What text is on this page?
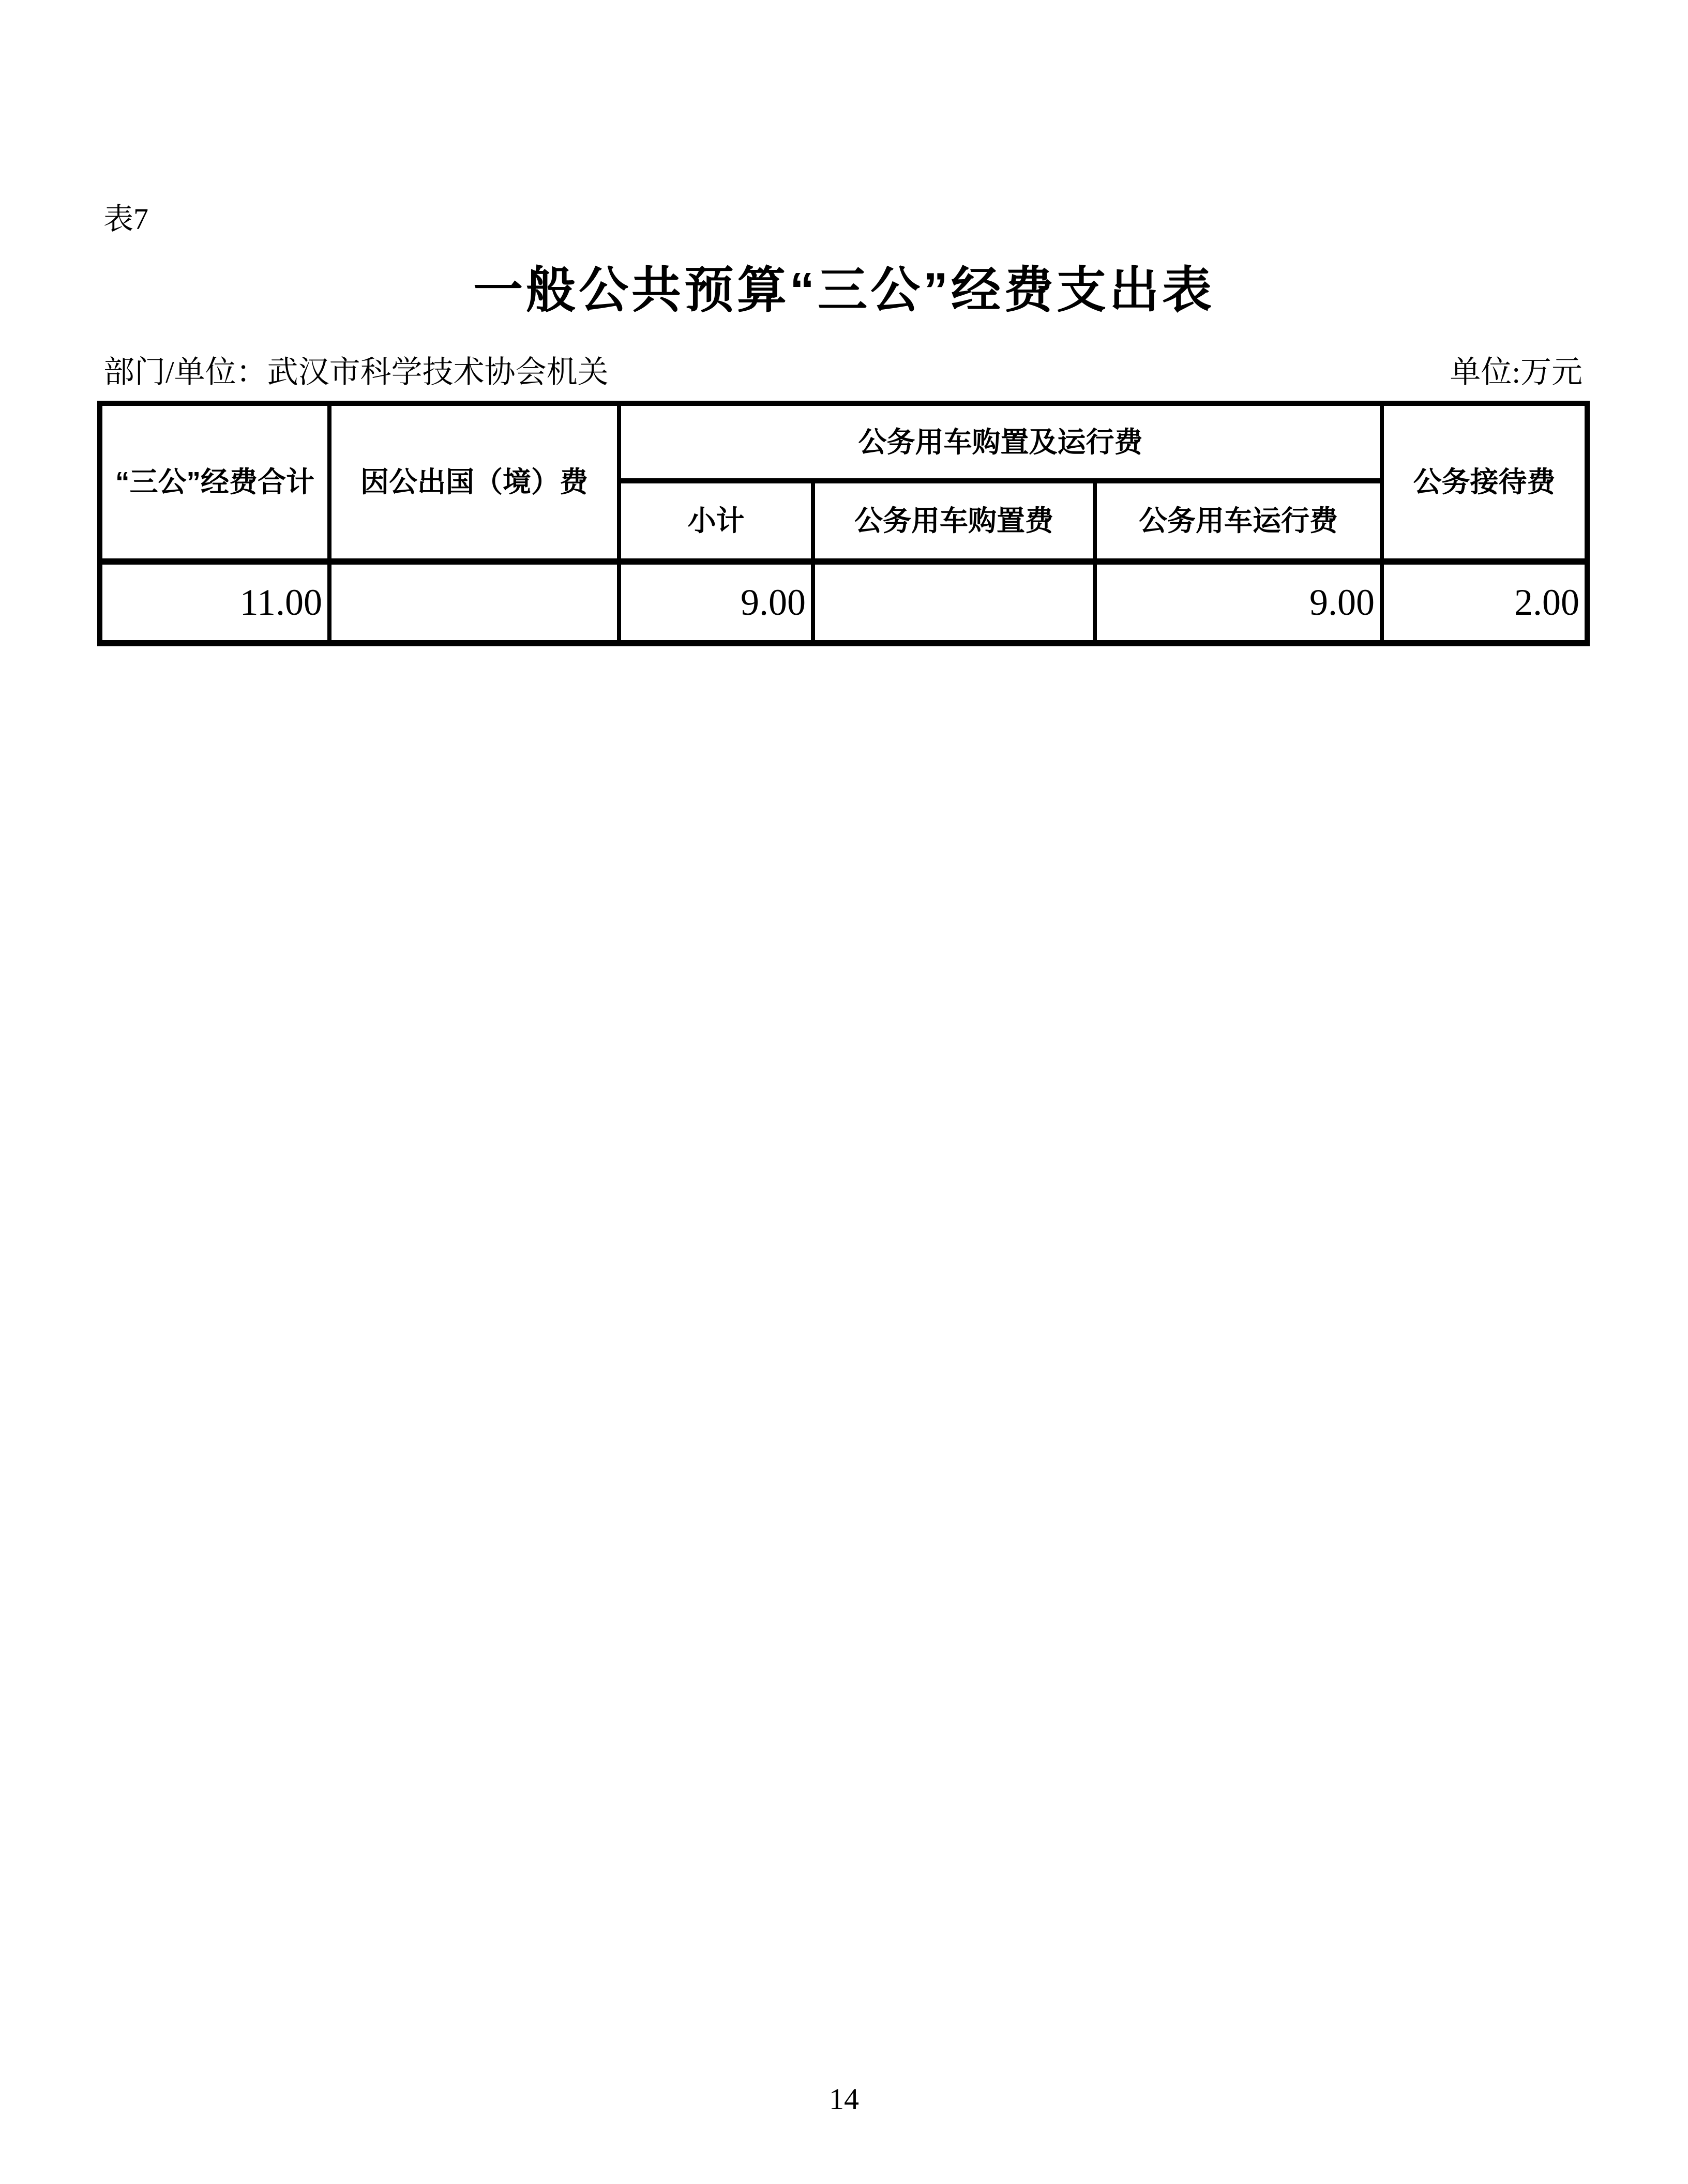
表7
一般公共预算“三公”经费支出表
部门/单位：武汉市科学技术协会机关	单位:万元
“三公”经费合计	因公出国（境）费	公务用车购置及运行费			公务接待费
		小计	公务用车购置费	公务用车运行费	
11.00		9.00		9.00	2.00
14
